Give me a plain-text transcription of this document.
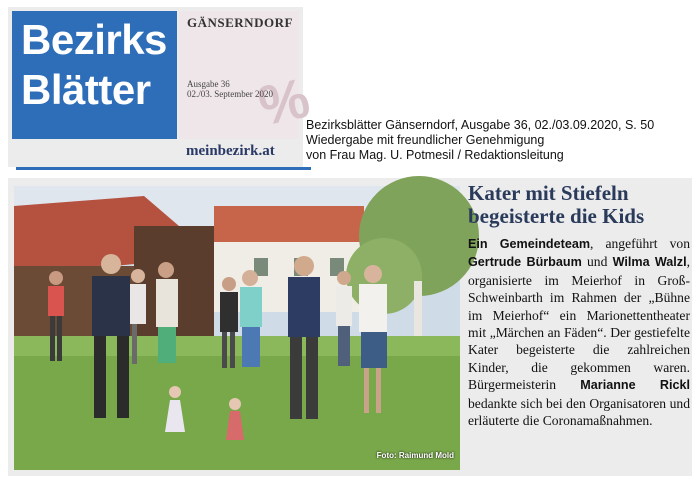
Bezirks
Blätter %
GÄNSERNDORF
Ausgabe 36
02./03. September 2020
meinbezirk.at
Bezirksblätter Gänserndorf, Ausgabe 36, 02./03.09.2020, S. 50
Wiedergabe mit freundlicher Genehmigung
von Frau Mag. U. Potmesil / Redaktionsleitung
Foto: Raimund Mold
Kater mit Stiefeln begeisterte die Kids
Ein Gemeindeteam, angeführt von Gertrude Bürbaum und Wilma Walzl, organisierte im Meierhof in Groß-Schweinbarth im Rahmen der „Bühne im Meierhof“ ein Marionettentheater mit „Märchen an Fäden“. Der gestiefelte Kater begeisterte die zahlreichen Kinder, die gekommen waren. Bürgermeisterin Marianne Rickl bedankte sich bei den Organisatoren und erläuterte die Coronamaßnahmen.
